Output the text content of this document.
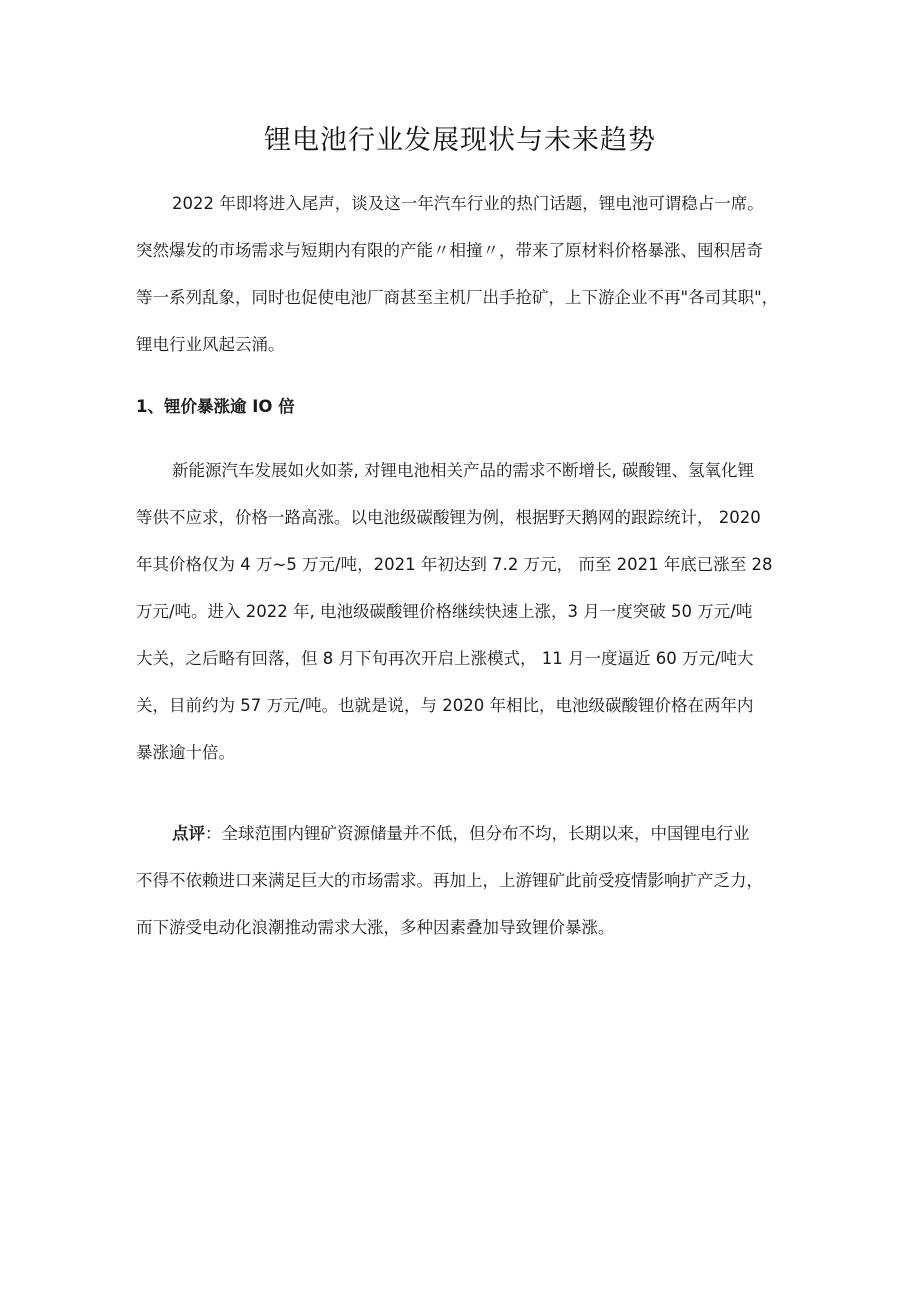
锂电池行业发展现状与未来趋势
2022 年即将进入尾声，谈及这一年汽车行业的热门话题，锂电池可谓稳占一席。
突然爆发的市场需求与短期内有限的产能〃相撞〃，带来了原材料价格暴涨、囤积居奇
等一系列乱象，同时也促使电池厂商甚至主机厂出手抢矿，上下游企业不再"各司其职"，
锂电行业风起云涌。
1、锂价暴涨逾 IO 倍
新能源汽车发展如火如荼, 对锂电池相关产品的需求不断增长, 碳酸锂、氢氧化锂
等供不应求，价格一路高涨。以电池级碳酸锂为例，根据野天鹅网的跟踪统计， 2020
年其价格仅为 4 万~5 万元/吨，2021 年初达到 7.2 万元， 而至 2021 年底已涨至 28
万元/吨。进入 2022 年, 电池级碳酸锂价格继续快速上涨，3 月一度突破 50 万元/吨
大关，之后略有回落，但 8 月下旬再次开启上涨模式， 11 月一度逼近 60 万元/吨大
关，目前约为 57 万元/吨。也就是说，与 2020 年相比，电池级碳酸锂价格在两年内
暴涨逾十倍。
点评：全球范围内锂矿资源储量并不低，但分布不均，长期以来，中国锂电行业
不得不依赖进口来满足巨大的市场需求。再加上，上游锂矿此前受疫情影响扩产乏力，
而下游受电动化浪潮推动需求大涨，多种因素叠加导致锂价暴涨。
